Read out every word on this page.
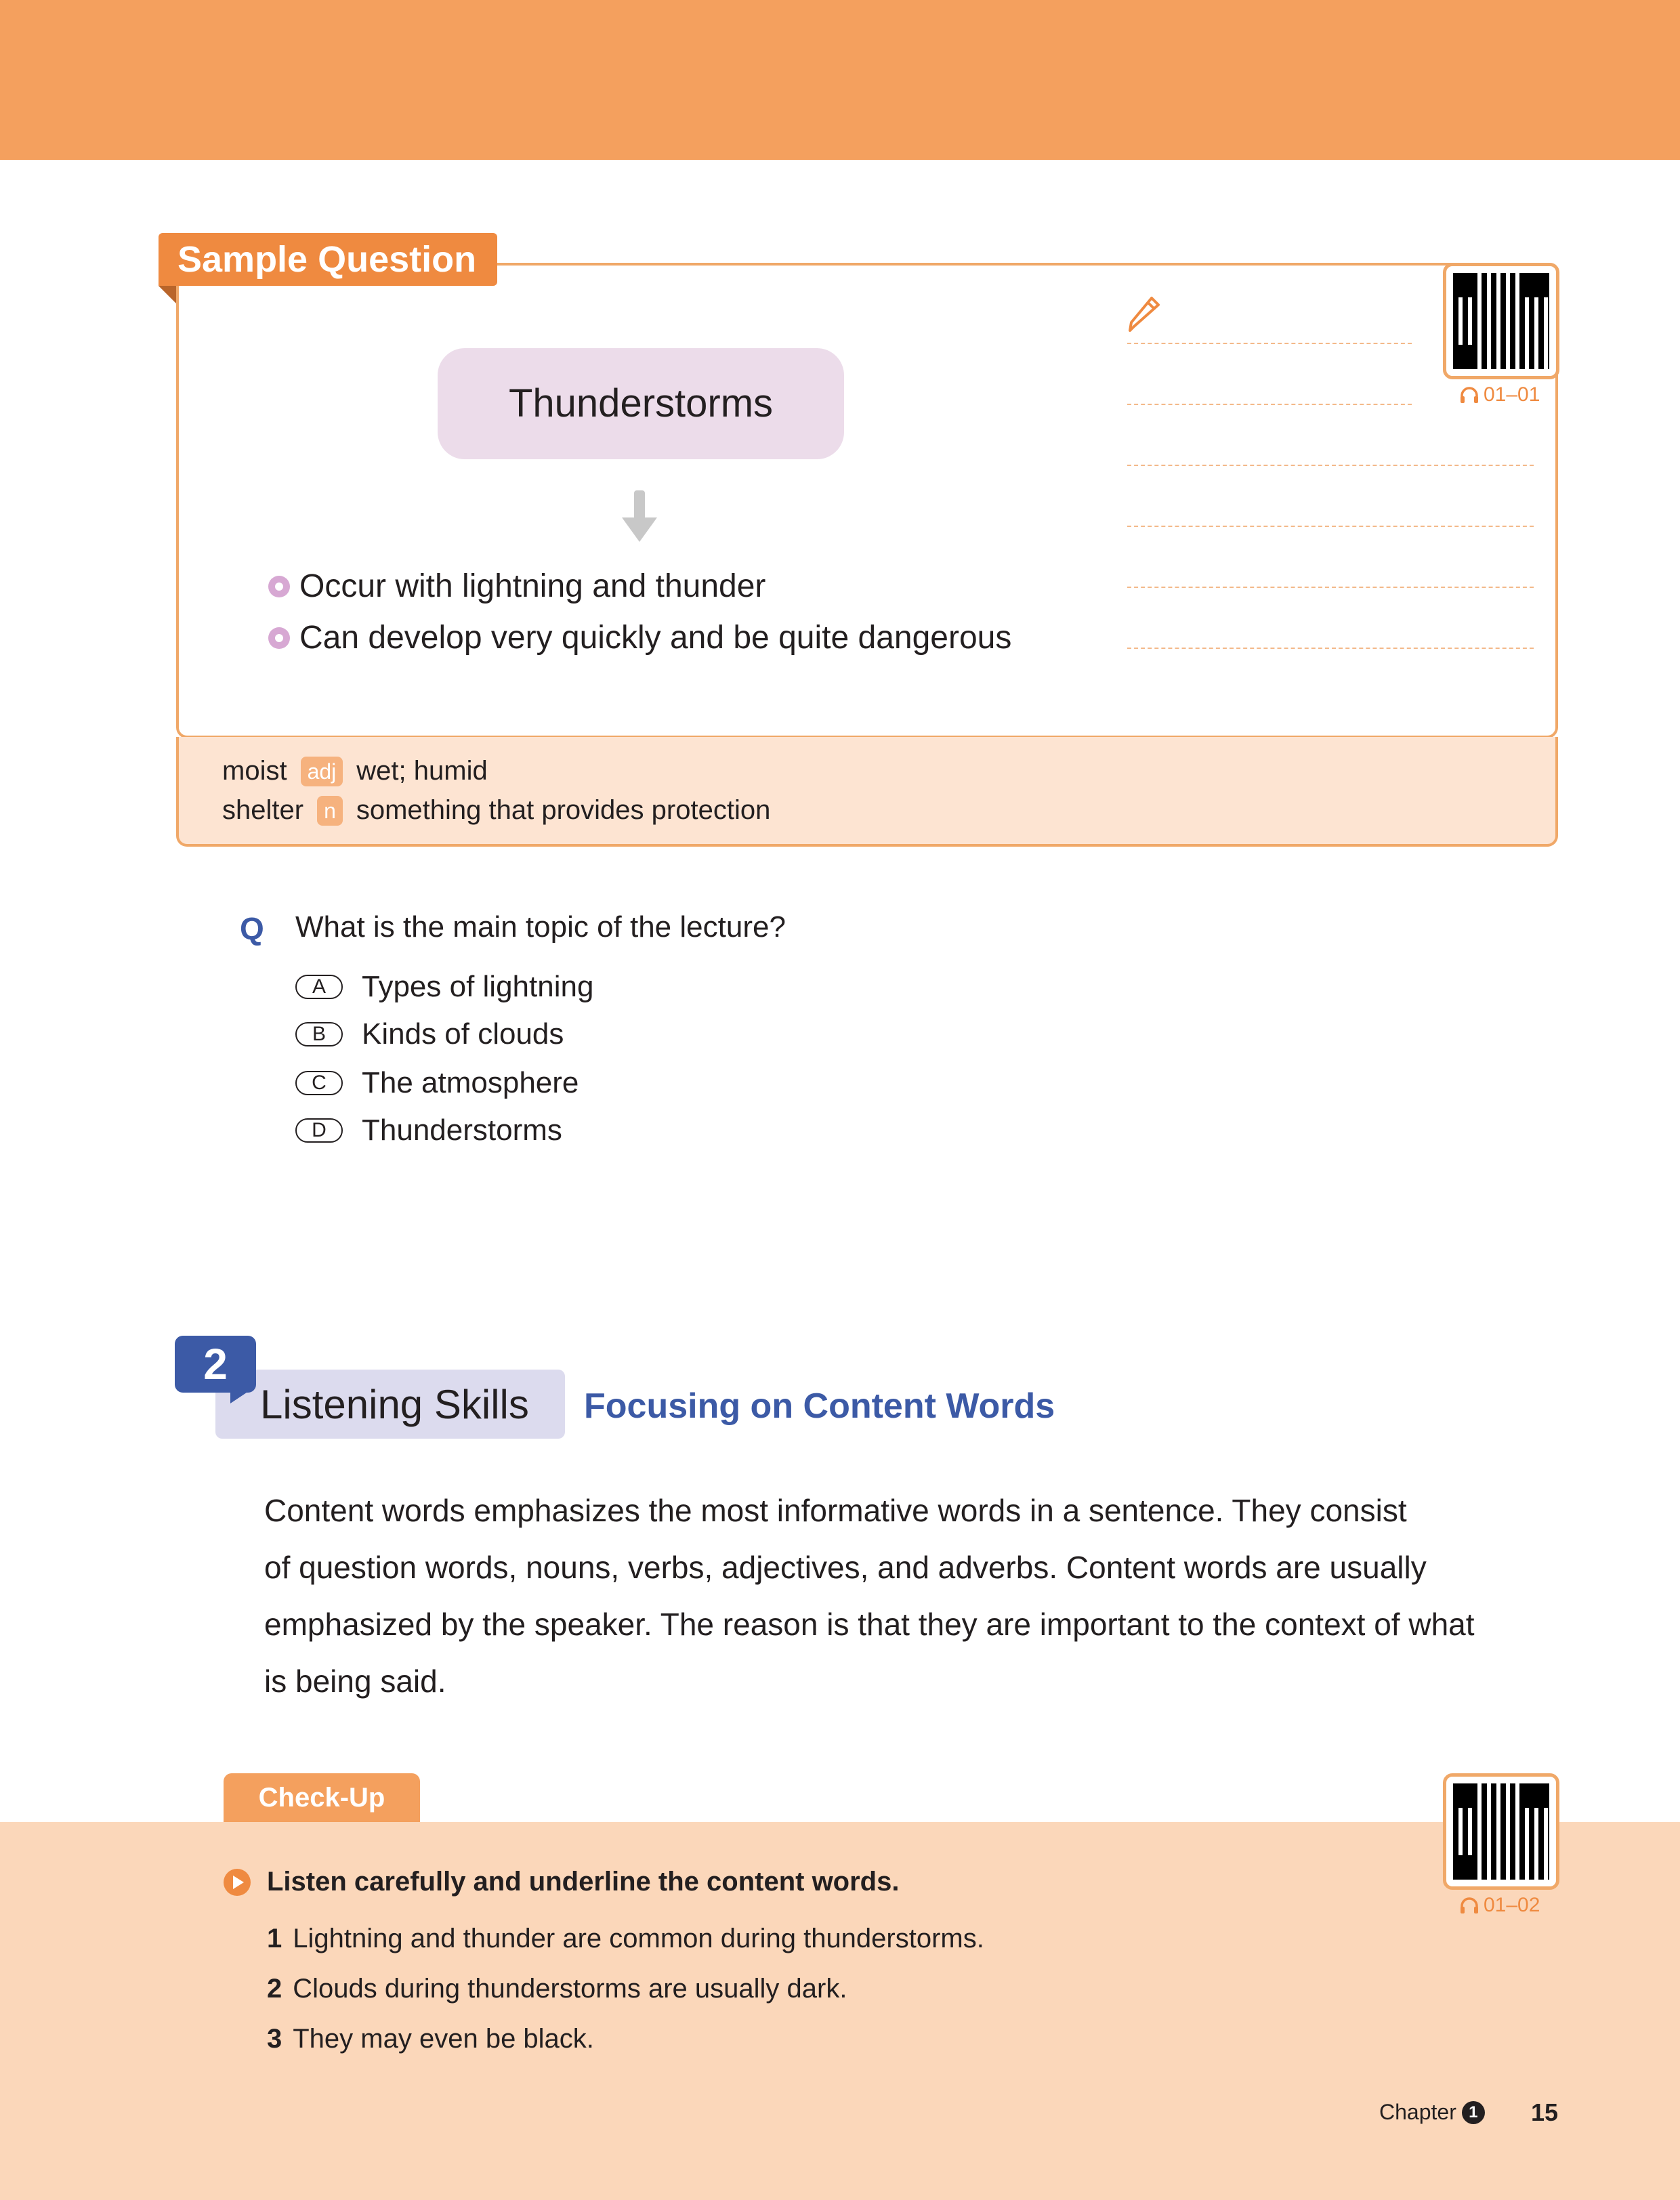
Sample Question
Thunderstorms
Occur with lightning and thunder
Can develop very quickly and be quite dangerous
01–01
moist adj wet; humid
shelter n something that provides protection
Q What is the main topic of the lecture?
A	Types of lightning
B	Kinds of clouds
C	The atmosphere
D	Thunderstorms
2
Listening Skills Focusing on Content Words
Content words emphasizes the most informative words in a sentence. They consist
of question words, nouns, verbs, adjectives, and adverbs. Content words are usually
emphasized by the speaker. The reason is that they are important to the context of what
is being said.
Check-Up
01–02
Listen carefully and underline the content words.
1 Lightning and thunder are common during thunderstorms.
2 Clouds during thunderstorms are usually dark.
3 They may even be black.
Chapter 1 15
